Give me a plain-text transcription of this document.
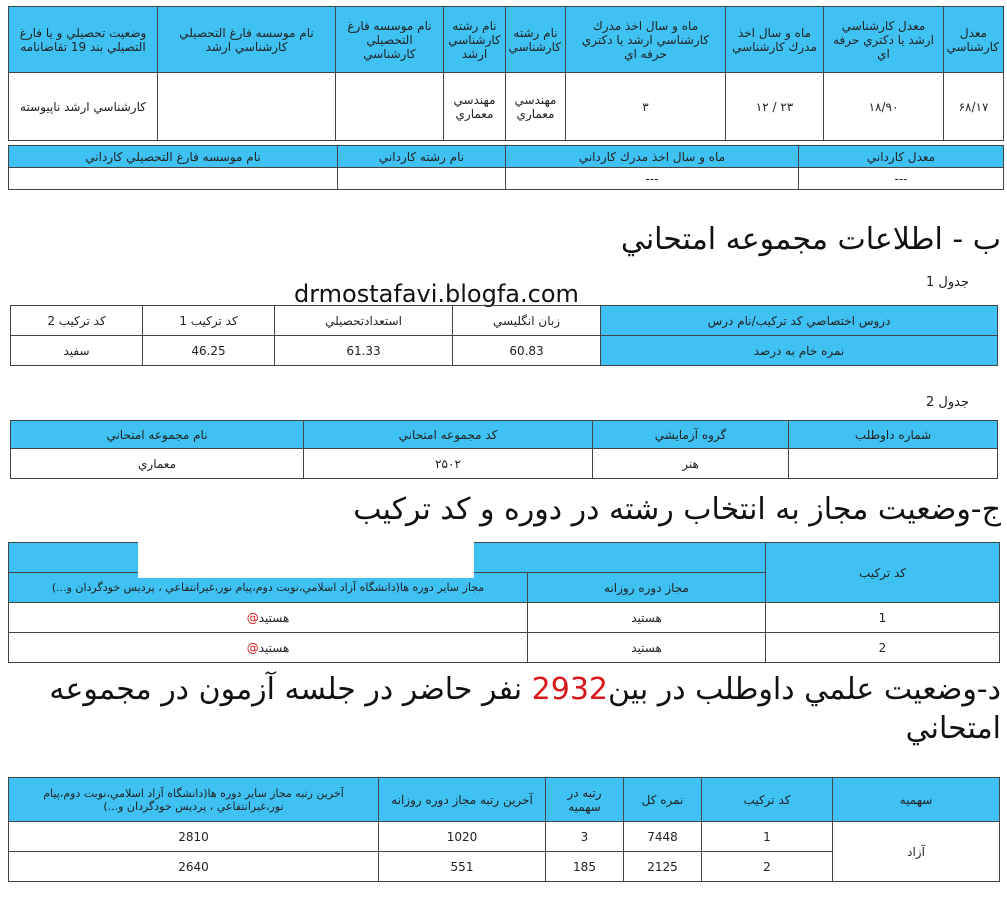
معدل كارشناسي	معدل كارشناسي ارشد يا دكتري حرفه اي	ماه و سال اخذ مدرك كارشناسي	ماه و سال اخذ مدرك كارشناسي ارشد يا دكتري حرفه اي	نام رشته كارشناسي	نام رشته كارشناسي ارشد	نام موسسه فارغ التحصيلي كارشناسي	نام موسسه فارغ التحصيلي كارشناسي ارشد	وضعيت تحصيلي و يا فارغ التصيلي بند 19 تقاضانامه
١٧/۶٨	١٨/٩٠	٢٣ / ١٢	٣	مهندسي معماري	مهندسي معماري			كارشناسي ارشد ناپيوسته
معدل كارداني	ماه و سال اخذ مدرك كارداني	نام رشته كارداني	نام موسسه فارغ التحصيلي كارداني
---	---		
ب - اطلاعات مجموعه امتحاني
drmostafavi.blogfa.com	جدول 1
دروس اختصاصي كد تركيب/نام درس	زبان انگليسي	استعدادتحصيلي	كد تركيب 1	كد تركيب 2
نمره خام به درصد	60.83	61.33	46.25	سفيد
جدول 2
شماره داوطلب	گروه آزمايشي	كد مجموعه امتحاني	نام مجموعه امتحاني
	هنر	٢۵٠٢	معماري
ج-وضعيت مجاز به انتخاب رشته در دوره و كد تركيب
كد تركيب		
	مجاز دوره روزانه	مجاز ساير دوره ها(دانشگاه آزاد اسلامي،نوبت دوم،پيام نور،غيرانتفاعي ، پرديس خودگردان و...)
1	هستيد	هستيد@
2	هستيد	هستيد@
د-وضعيت علمي داوطلب در بين2932 نفر حاضر در جلسه آزمون در مجموعه امتحاني
سهميه	كد تركيب	نمره كل	رتبه در سهميه	آخرين رتبه مجاز دوره روزانه	آخرين رتبه مجاز ساير دوره ها(دانشگاه آزاد اسلامي،نوبت دوم،پيام نور،غيرانتفاعي ، پرديس خودگردان و...)
آزاد	1	7448	3	1020	2810
	2	2125	185	551	2640
